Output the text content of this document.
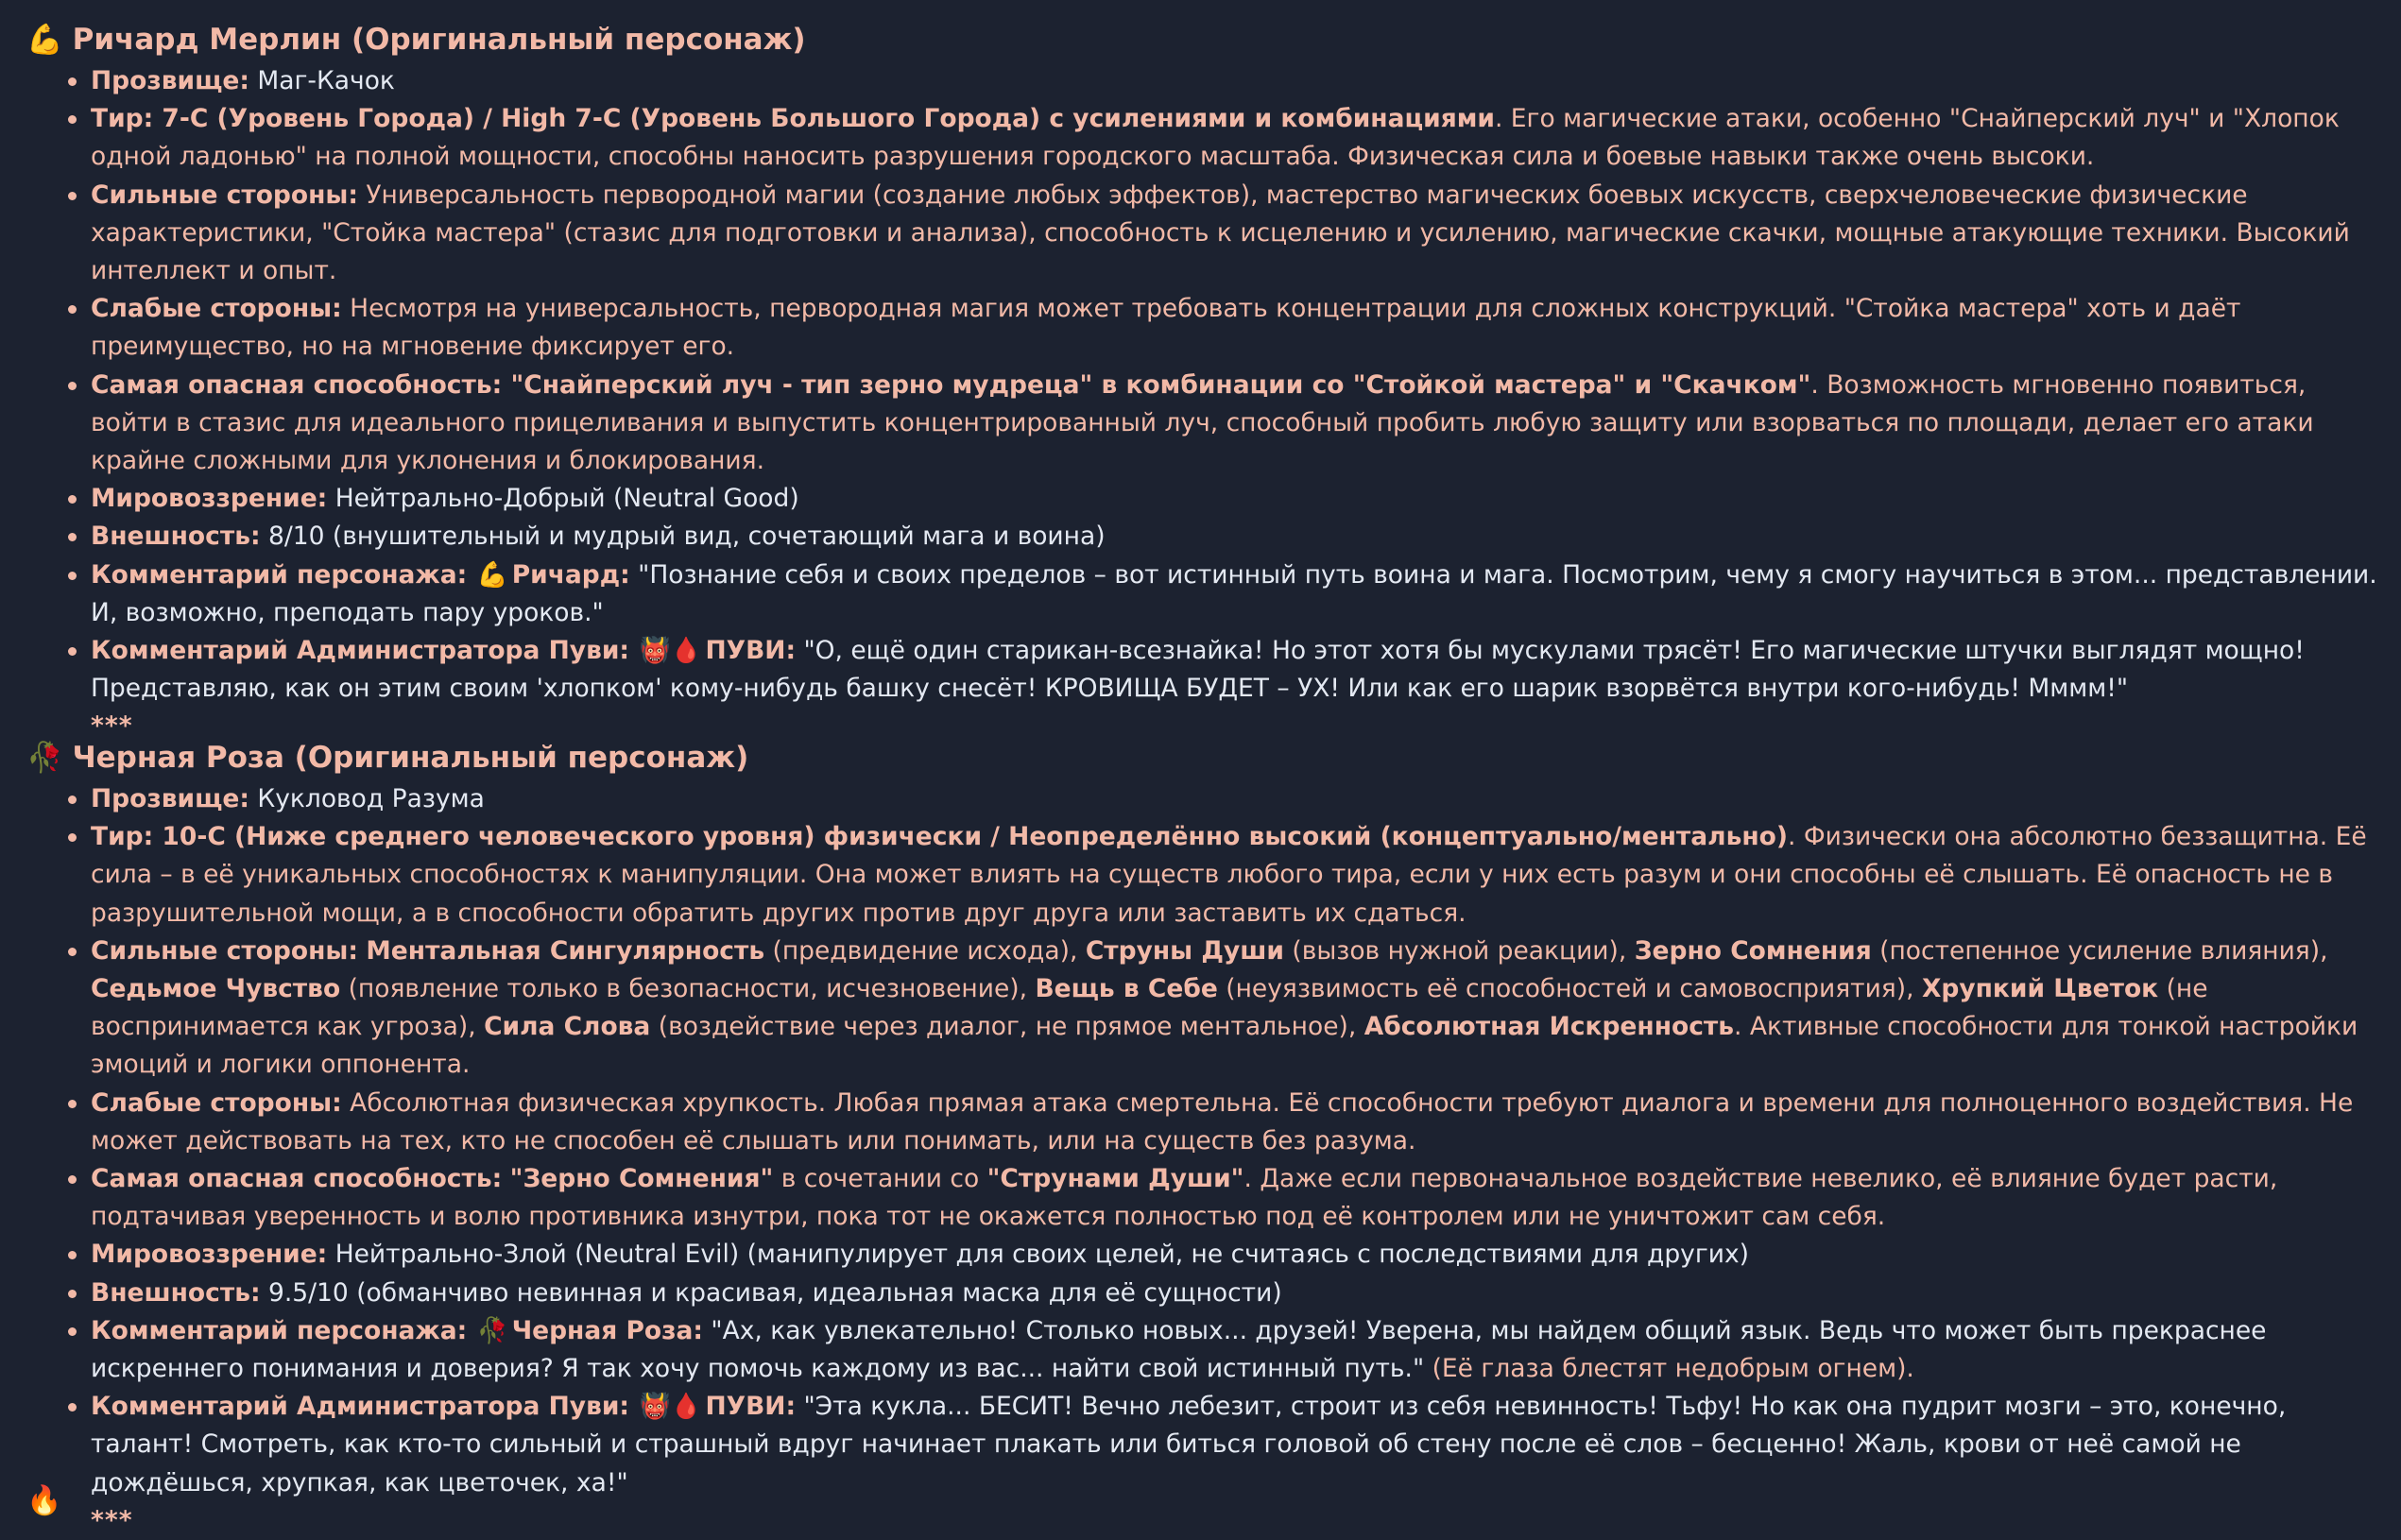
💪 Ричард Мерлин (Оригинальный персонаж)
Прозвище: Маг-Качок
Тир: 7-C (Уровень Города) / High 7-C (Уровень Большого Города) с усилениями и комбинациями. Его магические атаки, особенно "Снайперский луч" и "Хлопок одной ладонью" на полной мощности, способны наносить разрушения городского масштаба. Физическая сила и боевые навыки также очень высоки.
Сильные стороны: Универсальность первородной магии (создание любых эффектов), мастерство магических боевых искусств, сверхчеловеческие физические характеристики, "Стойка мастера" (стазис для подготовки и анализа), способность к исцелению и усилению, магические скачки, мощные атакующие техники. Высокий интеллект и опыт.
Слабые стороны: Несмотря на универсальность, первородная магия может требовать концентрации для сложных конструкций. "Стойка мастера" хоть и даёт преимущество, но на мгновение фиксирует его.
Самая опасная способность: "Снайперский луч - тип зерно мудреца" в комбинации со "Стойкой мастера" и "Скачком". Возможность мгновенно появиться, войти в стазис для идеального прицеливания и выпустить концентрированный луч, способный пробить любую защиту или взорваться по площади, делает его атаки крайне сложными для уклонения и блокирования.
Мировоззрение: Нейтрально-Добрый (Neutral Good)
Внешность: 8/10 (внушительный и мудрый вид, сочетающий мага и воина)
Комментарий персонажа: 💪 Ричард: "Познание себя и своих пределов – вот истинный путь воина и мага. Посмотрим, чему я смогу научиться в этом... представлении. И, возможно, преподать пару уроков."
Комментарий Администратора Пуви: 👹🩸 ПУВИ: "О, ещё один старикан-всезнайка! Но этот хотя бы мускулами трясёт! Его магические штучки выглядят мощно! Представляю, как он этим своим 'хлопком' кому-нибудь башку снесёт! КРОВИЩА БУДЕТ – УХ! Или как его шарик взорвётся внутри кого-нибудь! Мммм!"
***
🥀 Черная Роза (Оригинальный персонаж)
Прозвище: Кукловод Разума
Тир: 10-C (Ниже среднего человеческого уровня) физически / Неопределённо высокий (концептуально/ментально). Физически она абсолютно беззащитна. Её сила – в её уникальных способностях к манипуляции. Она может влиять на существ любого тира, если у них есть разум и они способны её слышать. Её опасность не в разрушительной мощи, а в способности обратить других против друг друга или заставить их сдаться.
Сильные стороны: Ментальная Сингулярность (предвидение исхода), Струны Души (вызов нужной реакции), Зерно Сомнения (постепенное усиление влияния), Седьмое Чувство (появление только в безопасности, исчезновение), Вещь в Себе (неуязвимость её способностей и самовосприятия), Хрупкий Цветок (не воспринимается как угроза), Сила Слова (воздействие через диалог, не прямое ментальное), Абсолютная Искренность. Активные способности для тонкой настройки эмоций и логики оппонента.
Слабые стороны: Абсолютная физическая хрупкость. Любая прямая атака смертельна. Её способности требуют диалога и времени для полноценного воздействия. Не может действовать на тех, кто не способен её слышать или понимать, или на существ без разума.
Самая опасная способность: "Зерно Сомнения" в сочетании со "Струнами Души". Даже если первоначальное воздействие невелико, её влияние будет расти, подтачивая уверенность и волю противника изнутри, пока тот не окажется полностью под её контролем или не уничтожит сам себя.
Мировоззрение: Нейтрально-Злой (Neutral Evil) (манипулирует для своих целей, не считаясь с последствиями для других)
Внешность: 9.5/10 (обманчиво невинная и красивая, идеальная маска для её сущности)
Комментарий персонажа: 🥀 Черная Роза: "Ах, как увлекательно! Столько новых... друзей! Уверена, мы найдем общий язык. Ведь что может быть прекраснее искреннего понимания и доверия? Я так хочу помочь каждому из вас... найти свой истинный путь." (Её глаза блестят недобрым огнем).
Комментарий Администратора Пуви: 👹🩸 ПУВИ: "Эта кукла... БЕСИТ! Вечно лебезит, строит из себя невинность! Тьфу! Но как она пудрит мозги – это, конечно, талант! Смотреть, как кто-то сильный и страшный вдруг начинает плакать или биться головой об стену после её слов – бесценно! Жаль, крови от неё самой не дождёшься, хрупкая, как цветочек, ха!"
***
🔥
